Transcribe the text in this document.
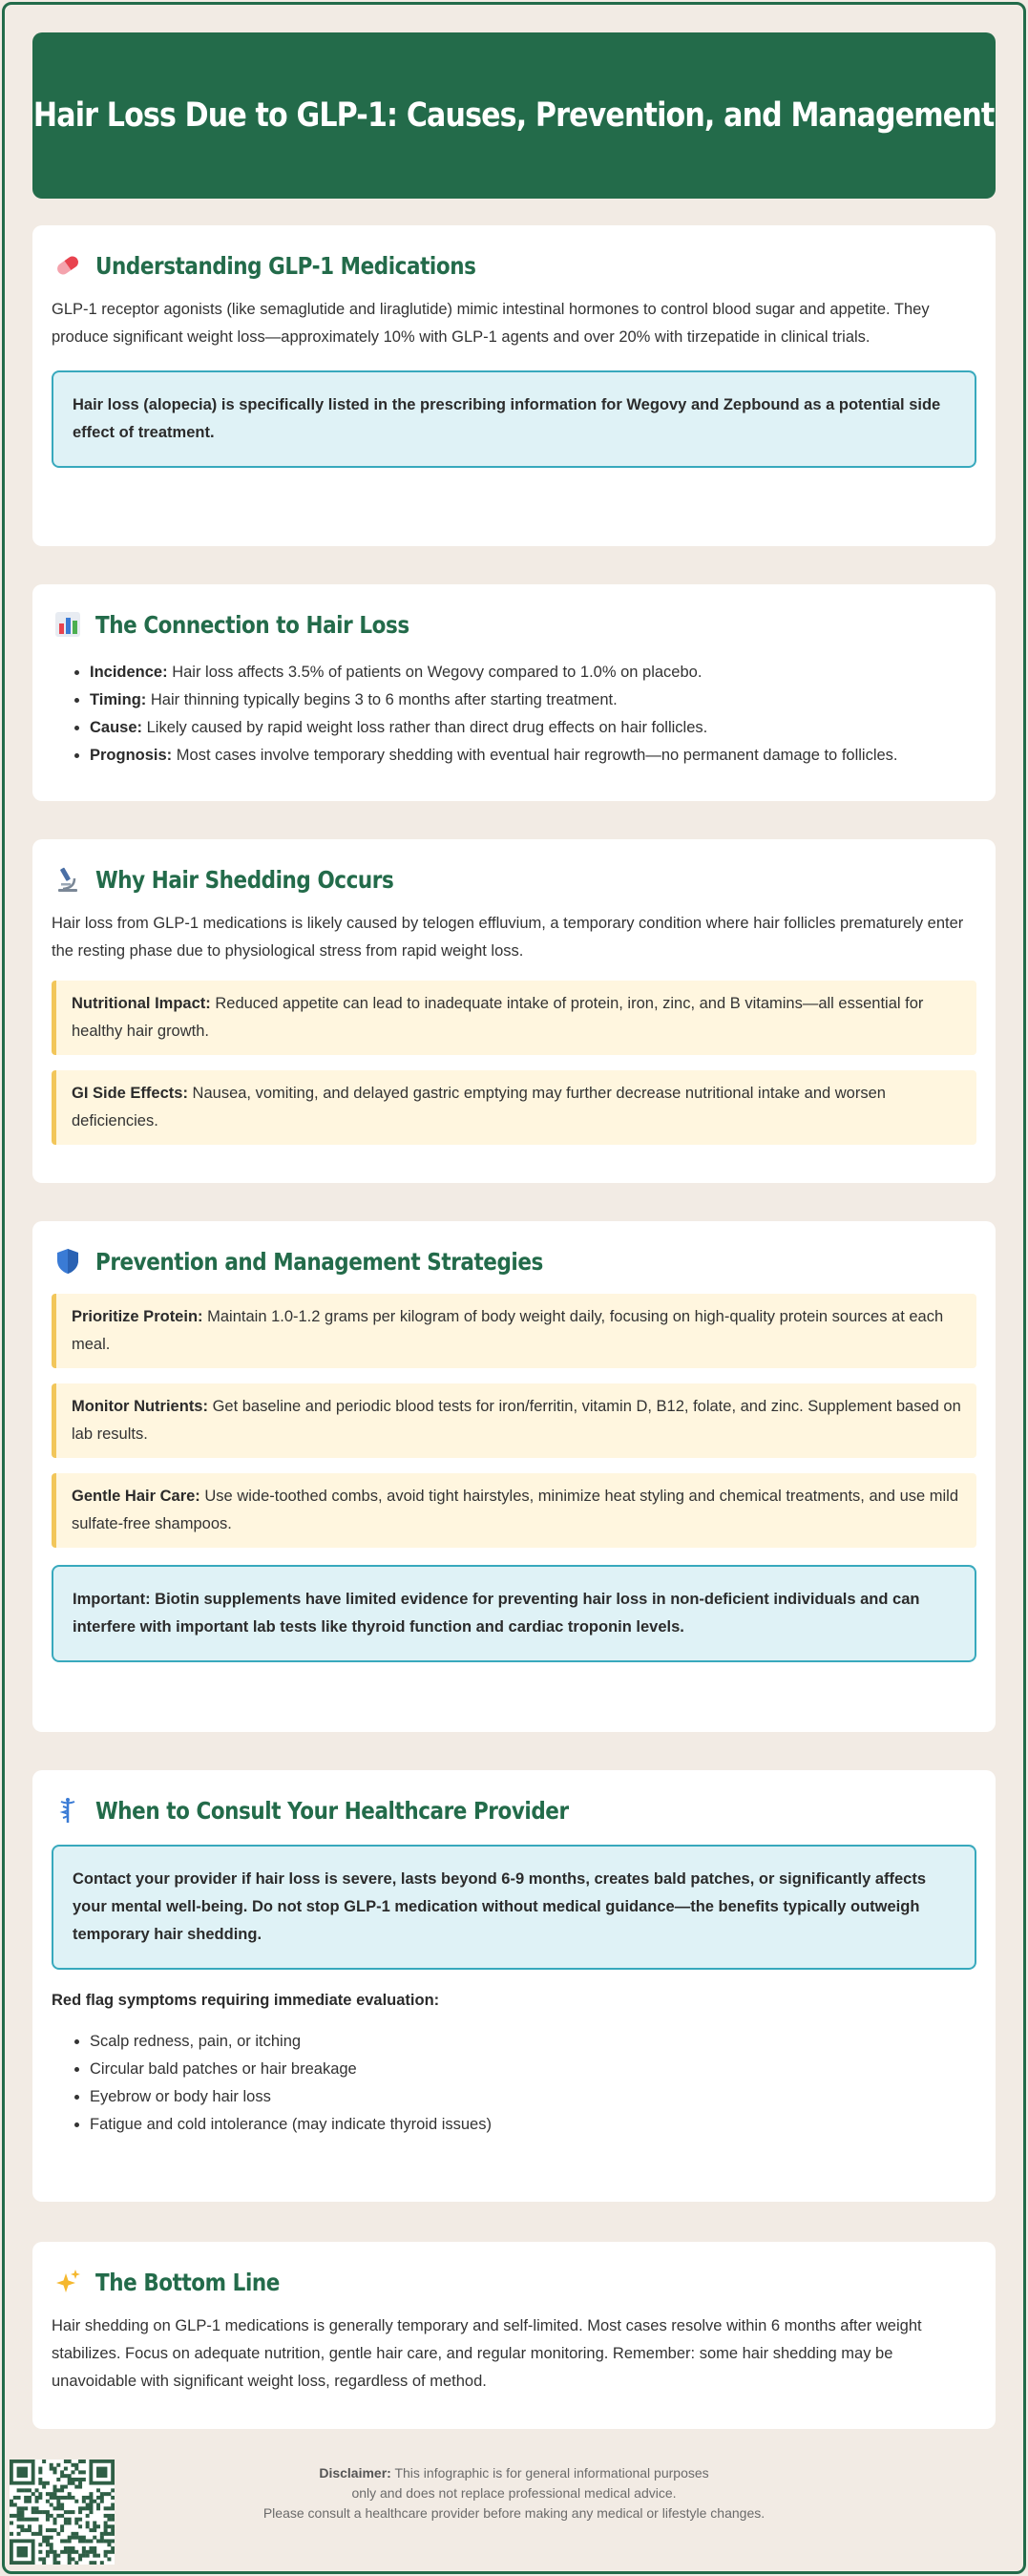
Hair Loss Due to GLP-1: Causes, Prevention, and Management
Understanding GLP-1 Medications

GLP-1 receptor agonists (like semaglutide and liraglutide) mimic intestinal hormones to control blood sugar and appetite. They produce significant weight loss—approximately 10% with GLP-1 agents and over 20% with tirzepatide in clinical trials.

Hair loss (alopecia) is specifically listed in the prescribing information for Wegovy and Zepbound as a potential side effect of treatment.
The Connection to Hair Loss
• Incidence: Hair loss affects 3.5% of patients on Wegovy compared to 1.0% on placebo.
• Timing: Hair thinning typically begins 3 to 6 months after starting treatment.
• Cause: Likely caused by rapid weight loss rather than direct drug effects on hair follicles.
• Prognosis: Most cases involve temporary shedding with eventual hair regrowth—no permanent damage to follicles.
Why Hair Shedding Occurs

Hair loss from GLP-1 medications is likely caused by telogen effluvium, a temporary condition where hair follicles prematurely enter the resting phase due to physiological stress from rapid weight loss.

Nutritional Impact: Reduced appetite can lead to inadequate intake of protein, iron, zinc, and B vitamins—all essential for healthy hair growth.
GI Side Effects: Nausea, vomiting, and delayed gastric emptying may further decrease nutritional intake and worsen deficiencies.
Prevention and Management Strategies
Prioritize Protein: Maintain 1.0-1.2 grams per kilogram of body weight daily, focusing on high-quality protein sources at each meal.
Monitor Nutrients: Get baseline and periodic blood tests for iron/ferritin, vitamin D, B12, folate, and zinc. Supplement based on lab results.
Gentle Hair Care: Use wide-toothed combs, avoid tight hairstyles, minimize heat styling and chemical treatments, and use mild sulfate-free shampoos.
Important: Biotin supplements have limited evidence for preventing hair loss in non-deficient individuals and can interfere with important lab tests like thyroid function and cardiac troponin levels.
When to Consult Your Healthcare Provider
Contact your provider if hair loss is severe, lasts beyond 6-9 months, creates bald patches, or significantly affects your mental well-being. Do not stop GLP-1 medication without medical guidance—the benefits typically outweigh temporary hair shedding.
Red flag symptoms requiring immediate evaluation:
• Scalp redness, pain, or itching
• Circular bald patches or hair breakage
• Eyebrow or body hair loss
• Fatigue and cold intolerance (may indicate thyroid issues)
The Bottom Line

Hair shedding on GLP-1 medications is generally temporary and self-limited. Most cases resolve within 6 months after weight stabilizes. Focus on adequate nutrition, gentle hair care, and regular monitoring. Remember: some hair shedding may be unavoidable with significant weight loss, regardless of method.

Disclaimer: This infographic is for general informational purposes
only and does not replace professional medical advice.
Please consult a healthcare provider before making any medical or lifestyle changes.
